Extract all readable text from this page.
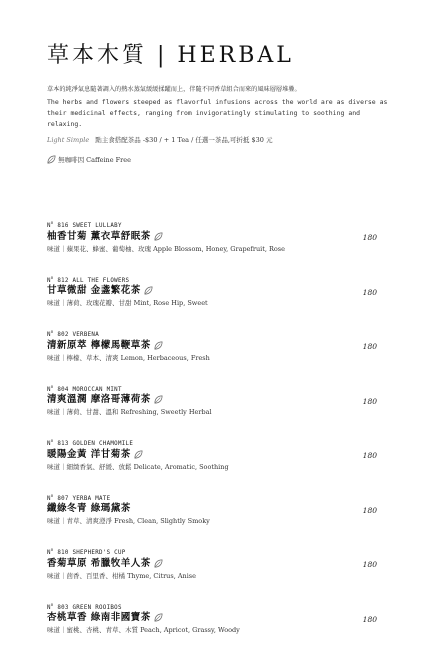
草本木質 | HERBAL
草本的純淨氣息隨著調入的熱水蒸氣緩緩揉躍而上，伴隨不同香草組合而來的風味層層堆疊。
The herbs and flowers steeped as flavorful infusions across the world are as diverse as their medicinal effects, ranging from invigoratingly stimulating to soothing and relaxing.
Light Simple 點主食搭配茶品 -$30 / + 1 Tea / 任選一茶品,可折抵 $30 元
無咖啡因 Caffeine Free
$N^o$ 816 SWEET LULLABY
柚香甘菊 薰衣草舒眠茶	180
味道｜蘋果花、蜂蜜、葡萄柚、玫瑰 Apple Blossom, Honey, Grapefruit, Rose
$N^o$ 812 ALL THE FLOWERS
甘草微甜 金盞繁花茶	180
味道｜薄荷、玫瑰花瓣、甘甜 Mint, Rose Hip, Sweet
$N^o$ 802 VERBENA
清新原萃 檸檬馬鞭草茶	180
味道｜檸檬、草本、清爽 Lemon, Herbaceous, Fresh
$N^o$ 804 MOROCCAN MINT
清爽溫潤 摩洛哥薄荷茶	180
味道｜薄荷、甘甜、溫和 Refreshing, Sweetly Herbal
$N^o$ 813 GOLDEN CHAMOMILE
暖陽金黃 洋甘菊茶	180
味道｜細緻香氣、舒緩、放鬆 Delicate, Aromatic, Soothing
$N^o$ 807 YERBA MATE
纖綠冬青 綠瑪黛茶	180
味道｜青草、清爽澄淨 Fresh, Clean, Slightly Smoky
$N^o$ 810 SHEPHERD'S CUP
香菊草原 希臘牧羊人茶	180
味道｜茴香、百里香、柑橘 Thyme, Citrus, Anise
$N^o$ 803 GREEN ROOIBOS
杏桃草香 綠南非國寶茶	180
味道｜蜜桃、杏桃、青草、木質 Peach, Apricot, Grassy, Woody
